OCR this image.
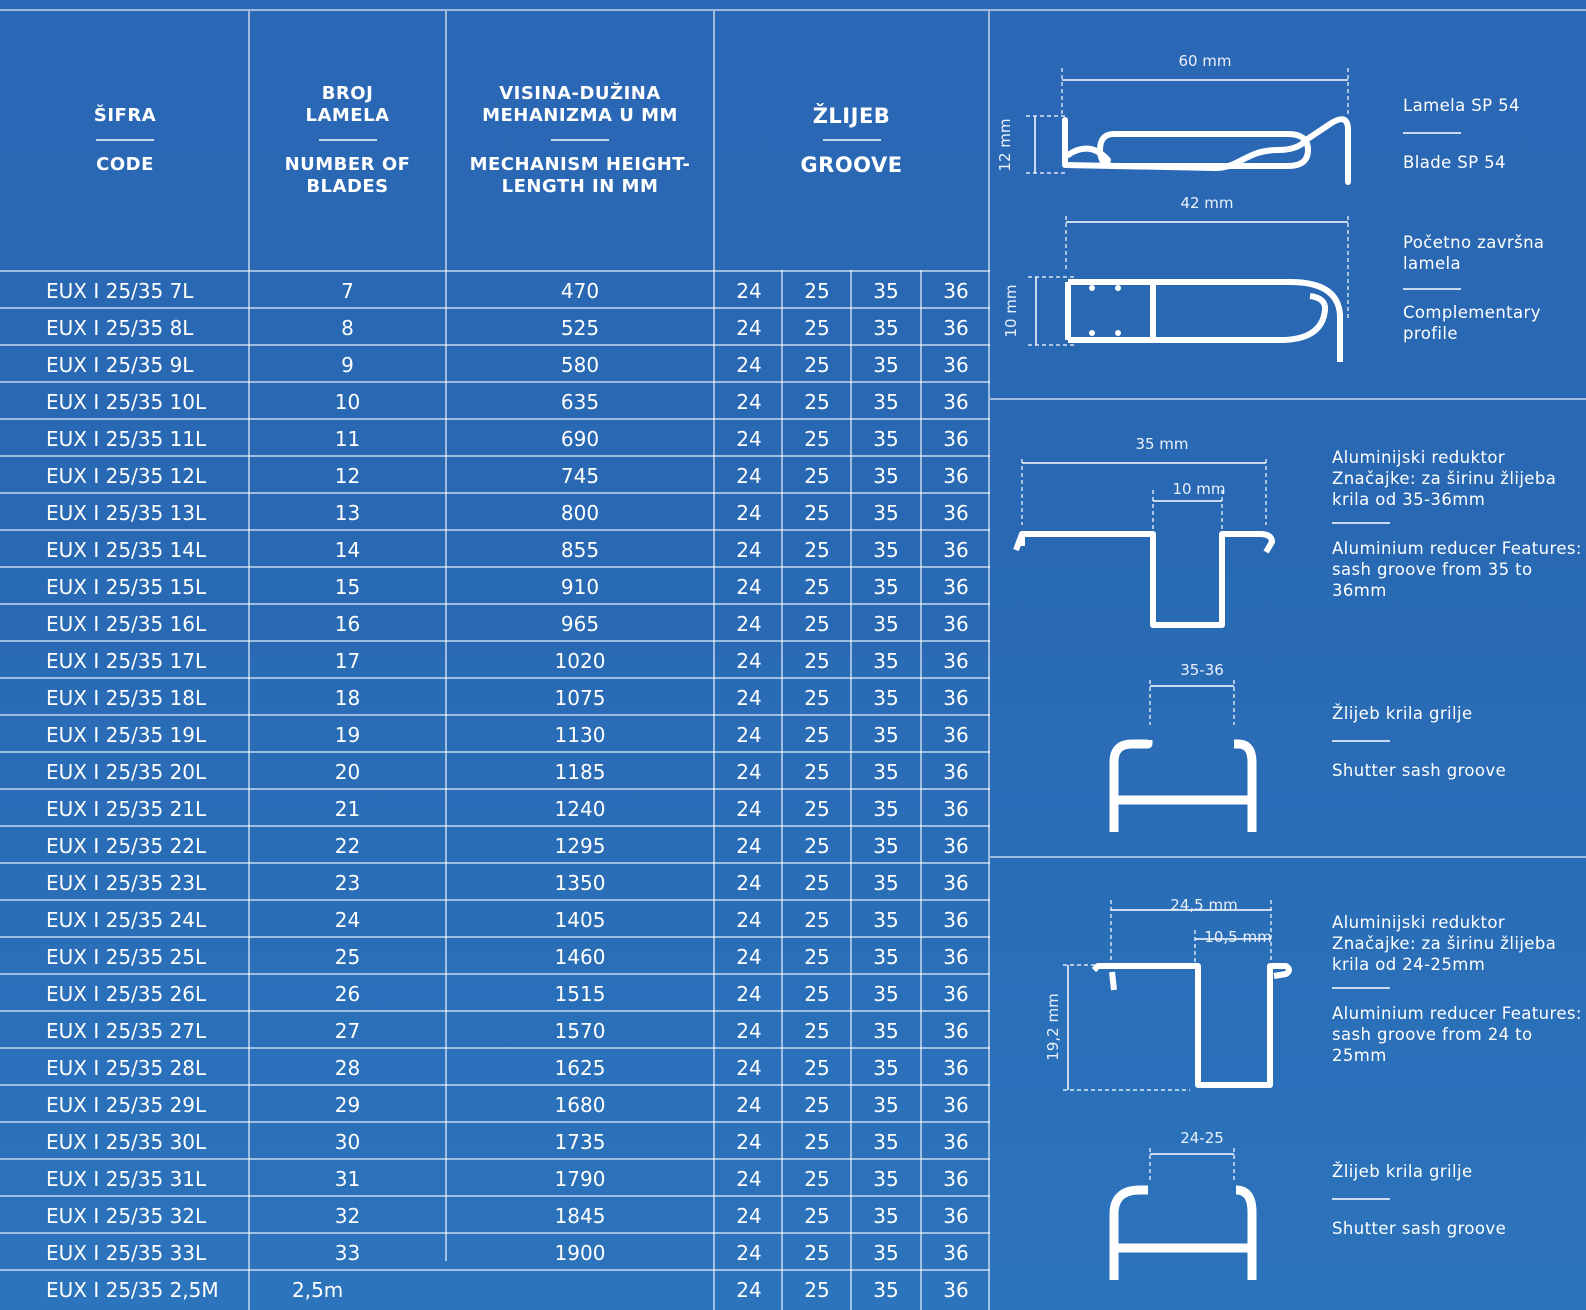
ŠIFRA
CODE
BROJ LAMELA
NUMBER OF BLADES
VISINA-DUŽINA MEHANIZMA U MM
MECHANISM HEIGHT-LENGTH IN MM
ŽLIJEB
GROOVE
EUX I 25/35 7L	7	470	24	25	35	36
EUX I 25/35 8L	8	525	24	25	35	36
EUX I 25/35 9L	9	580	24	25	35	36
EUX I 25/35 10L	10	635	24	25	35	36
EUX I 25/35 11L	11	690	24	25	35	36
EUX I 25/35 12L	12	745	24	25	35	36
EUX I 25/35 13L	13	800	24	25	35	36
EUX I 25/35 14L	14	855	24	25	35	36
EUX I 25/35 15L	15	910	24	25	35	36
EUX I 25/35 16L	16	965	24	25	35	36
EUX I 25/35 17L	17	1020	24	25	35	36
EUX I 25/35 18L	18	1075	24	25	35	36
EUX I 25/35 19L	19	1130	24	25	35	36
EUX I 25/35 20L	20	1185	24	25	35	36
EUX I 25/35 21L	21	1240	24	25	35	36
EUX I 25/35 22L	22	1295	24	25	35	36
EUX I 25/35 23L	23	1350	24	25	35	36
EUX I 25/35 24L	24	1405	24	25	35	36
EUX I 25/35 25L	25	1460	24	25	35	36
EUX I 25/35 26L	26	1515	24	25	35	36
EUX I 25/35 27L	27	1570	24	25	35	36
EUX I 25/35 28L	28	1625	24	25	35	36
EUX I 25/35 29L	29	1680	24	25	35	36
EUX I 25/35 30L	30	1735	24	25	35	36
EUX I 25/35 31L	31	1790	24	25	35	36
EUX I 25/35 32L	32	1845	24	25	35	36
EUX I 25/35 33L	33	1900	24	25	35	36
EUX I 25/35 2,5M	2,5m	24	25	35	36
60 mm
12 mm
42 mm
10 mm
35 mm
10 mm
35-36
24,5 mm
10,5 mm
19,2 mm
24-25
Lamela SP 54
Blade SP 54
Početno završna lamela
Complementary profile
Aluminijski reduktor Značajke: za širinu žlijeba krila od 35-36mm
Aluminium reducer Features: sash groove from 35 to 36mm
Žlijeb krila grilje
Shutter sash groove
Aluminijski reduktor Značajke: za širinu žlijeba krila od 24-25mm
Aluminium reducer Features: sash groove from 24 to 25mm
Žlijeb krila grilje
Shutter sash groove
